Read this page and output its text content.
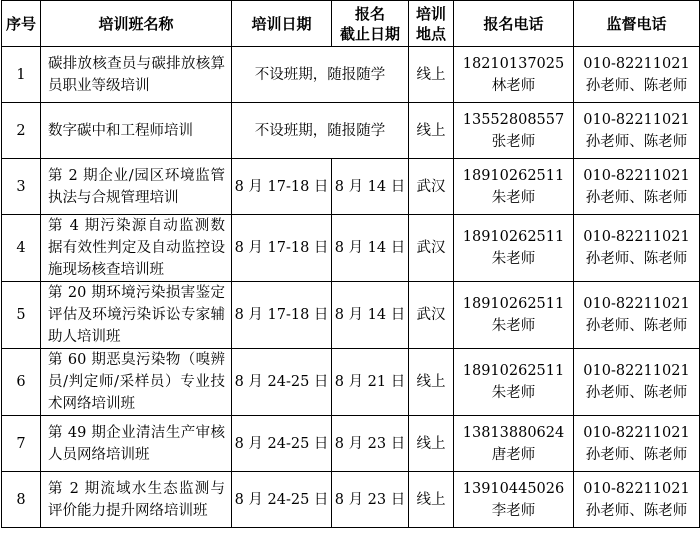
序号	培训班名称	培训日期	报名
截止日期	培训
地点	报名电话	监督电话
1	碳排放核查员与碳排放核算员职业等级培训	不设班期，随报随学		线上	18210137025
林老师	010-82211021
孙老师、陈老师

2	数字碳中和工程师培训	不设班期，随报随学		线上	13552808557
张老师	010-82211021
孙老师、陈老师

3	第 2 期企业/园区环境监管执法与合规管理培训	8 月 17-18 日	8 月 14 日	武汉	18910262511
朱老师	010-82211021
孙老师、陈老师

4	第 4 期污染源自动监测数据有效性判定及自动监控设施现场核查培训班	8 月 17-18 日	8 月 14 日	武汉	18910262511
朱老师	010-82211021
孙老师、陈老师

5	第 20 期环境污染损害鉴定评估及环境污染诉讼专家辅助人培训班	8 月 17-18 日	8 月 14 日	武汉	18910262511
朱老师	010-82211021
孙老师、陈老师

6	第 60 期恶臭污染物（嗅辨员/判定师/采样员）专业技术网络培训班	8 月 24-25 日	8 月 21 日	线上	18910262511
朱老师	010-82211021
孙老师、陈老师

7	第 49 期企业清洁生产审核人员网络培训班	8 月 24-25 日	8 月 23 日	线上	13813880624
唐老师	010-82211021
孙老师、陈老师

8	第 2 期流域水生态监测与评价能力提升网络培训班	8 月 24-25 日	8 月 23 日	线上	13910445026
李老师	010-82211021
孙老师、陈老师
